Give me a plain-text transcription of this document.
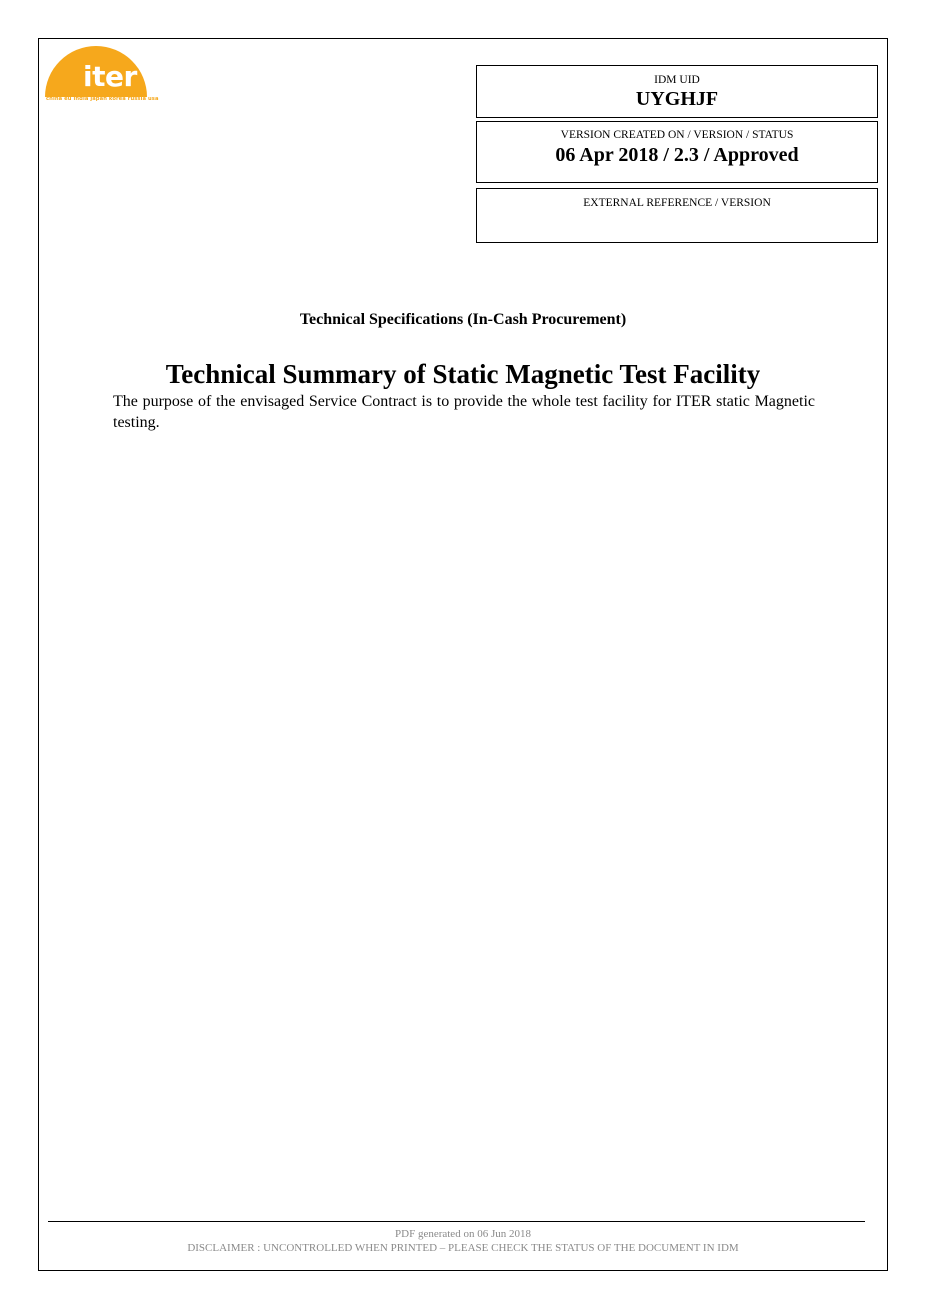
iter
china eu india japan korea russia usa
IDM UID
UYGHJF
VERSION CREATED ON / VERSION / STATUS
06 Apr 2018 / 2.3 / Approved
EXTERNAL REFERENCE / VERSION
Technical Specifications (In-Cash Procurement)
Technical Summary of Static Magnetic Test Facility
The purpose of the envisaged Service Contract is to provide the whole test facility for ITER static Magnetic testing.
PDF generated on 06 Jun 2018
DISCLAIMER : UNCONTROLLED WHEN PRINTED – PLEASE CHECK THE STATUS OF THE DOCUMENT IN IDM
